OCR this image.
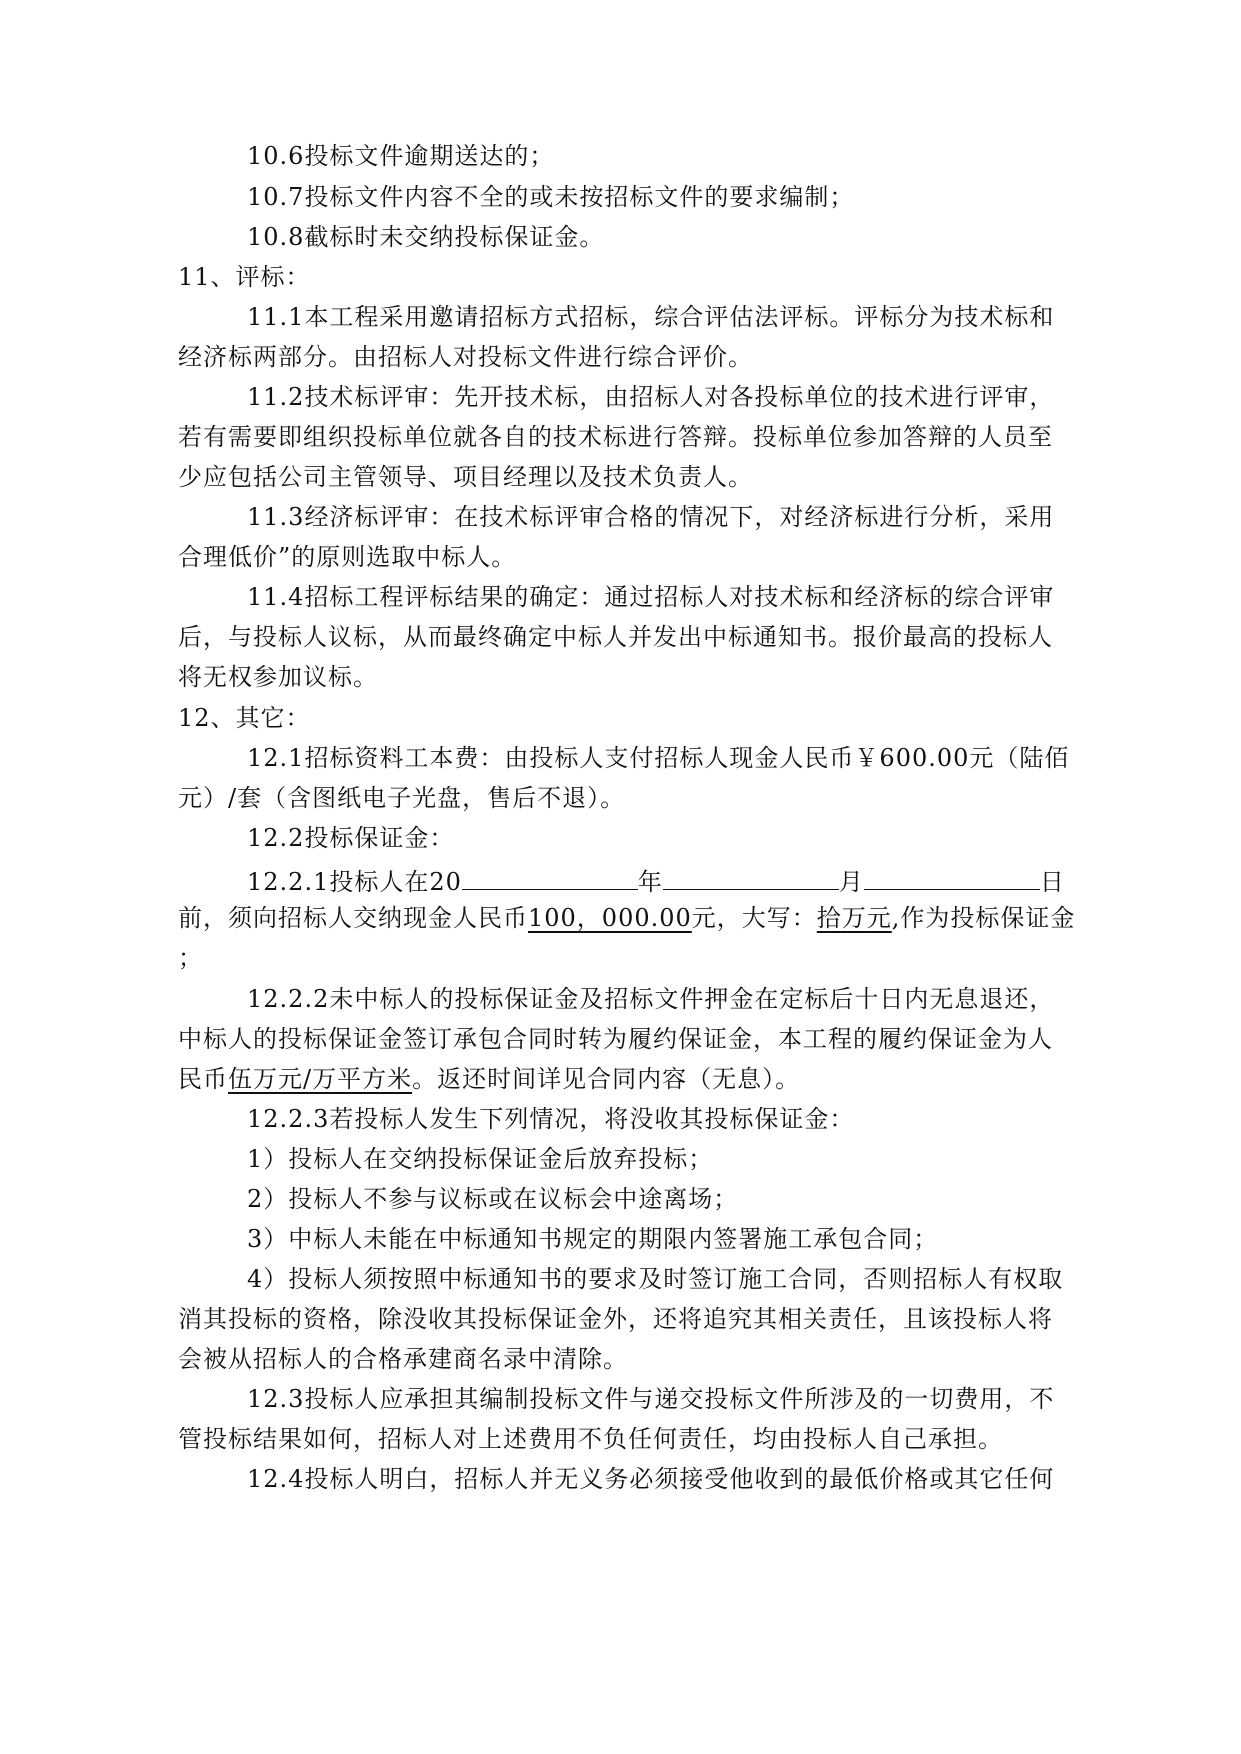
10.6投标文件逾期送达的；
10.7投标文件内容不全的或未按招标文件的要求编制；
10.8截标时未交纳投标保证金。
11、评标：
11.1本工程采用邀请招标方式招标，综合评估法评标。评标分为技术标和
经济标两部分。由招标人对投标文件进行综合评价。
11.2技术标评审：先开技术标，由招标人对各投标单位的技术进行评审，
若有需要即组织投标单位就各自的技术标进行答辩。投标单位参加答辩的人员至
少应包括公司主管领导、项目经理以及技术负责人。
11.3经济标评审：在技术标评审合格的情况下，对经济标进行分析，采用
合理低价”的原则选取中标人。
11.4招标工程评标结果的确定：通过招标人对技术标和经济标的综合评审
后，与投标人议标，从而最终确定中标人并发出中标通知书。报价最高的投标人
将无权参加议标。
12、其它：
12.1招标资料工本费：由投标人支付招标人现金人民币￥600.00元（陆佰
元）/套（含图纸电子光盘，售后不退）。
12.2投标保证金：
12.2.1投标人在20	年	月	日
前，须向招标人交纳现金人民币100，000.00元，大写：拾万元,作为投标保证金
；
12.2.2未中标人的投标保证金及招标文件押金在定标后十日内无息退还，
中标人的投标保证金签订承包合同时转为履约保证金，本工程的履约保证金为人
民币伍万元/万平方米。返还时间详见合同内容（无息）。
12.2.3若投标人发生下列情况，将没收其投标保证金：
1）投标人在交纳投标保证金后放弃投标；
2）投标人不参与议标或在议标会中途离场；
3）中标人未能在中标通知书规定的期限内签署施工承包合同；
4）投标人须按照中标通知书的要求及时签订施工合同，否则招标人有权取
消其投标的资格，除没收其投标保证金外，还将追究其相关责任，且该投标人将
会被从招标人的合格承建商名录中清除。
12.3投标人应承担其编制投标文件与递交投标文件所涉及的一切费用，不
管投标结果如何，招标人对上述费用不负任何责任，均由投标人自己承担。
12.4投标人明白，招标人并无义务必须接受他收到的最低价格或其它任何
